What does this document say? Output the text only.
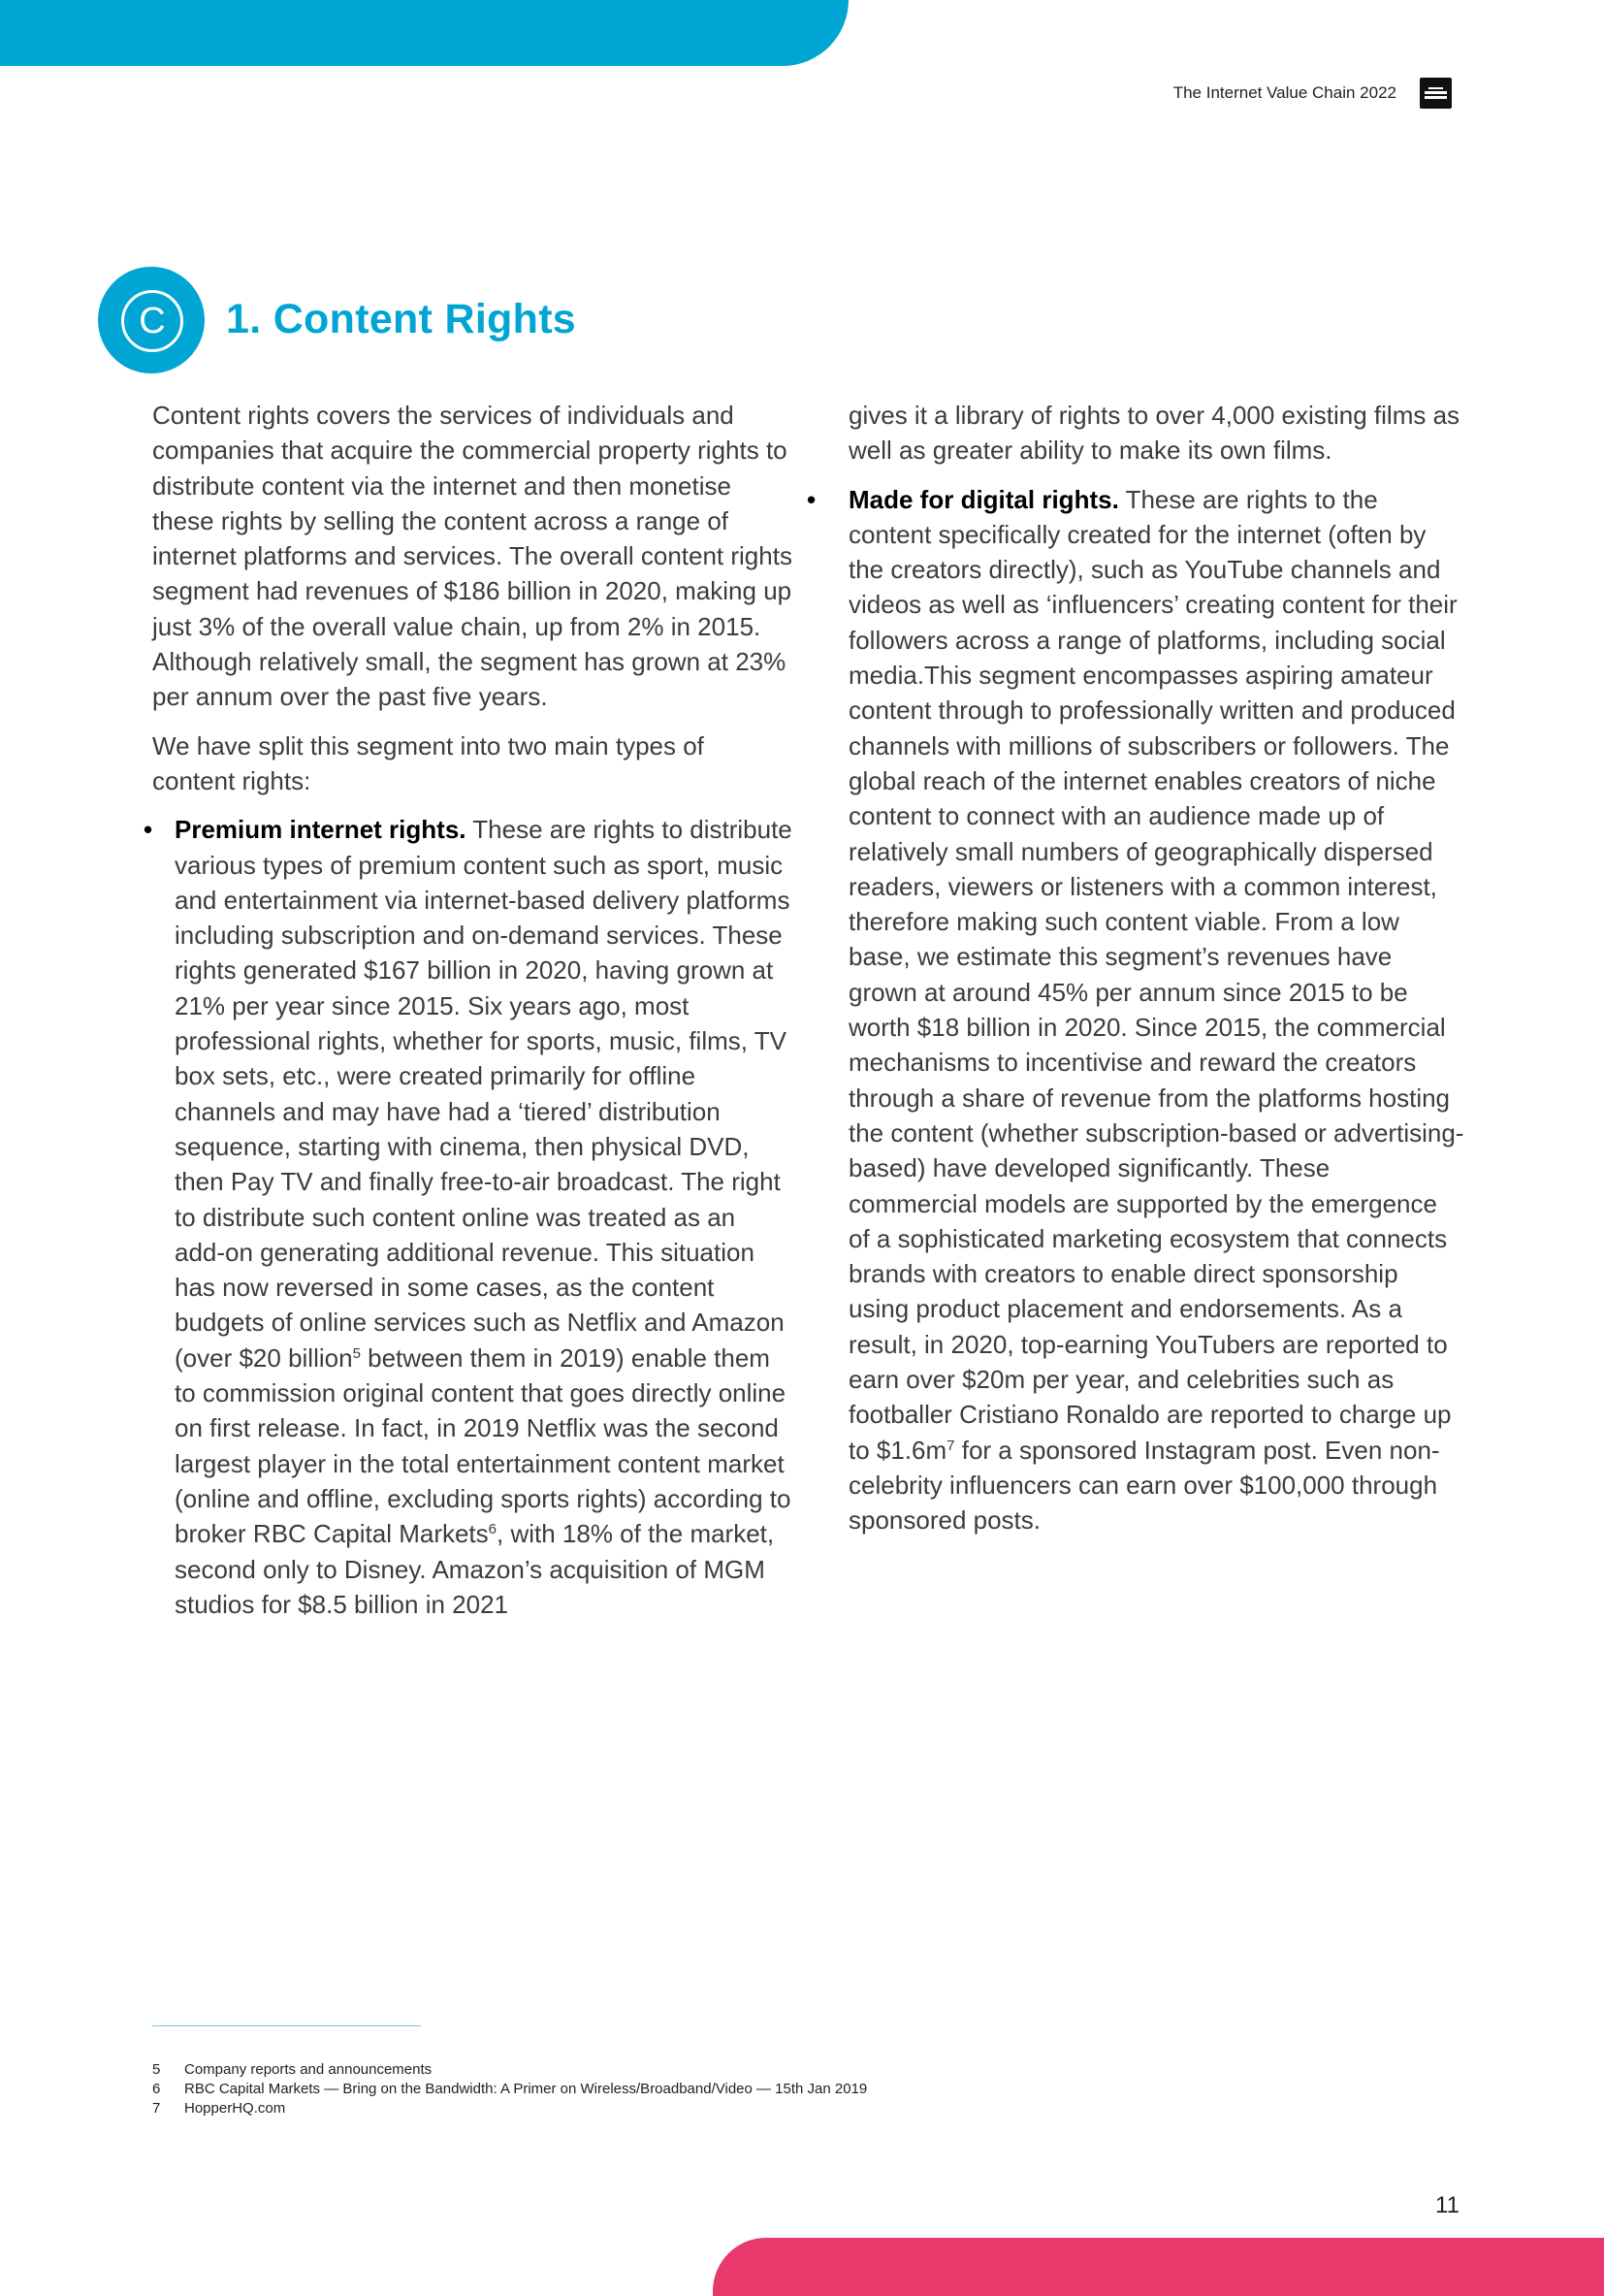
The Internet Value Chain 2022
C	1. Content Rights

Content rights covers the services of individuals and companies that acquire the commercial property rights to distribute content via the internet and then monetise these rights by selling the content across a range of internet platforms and services. The overall content rights segment had revenues of $186 billion in 2020, making up just 3% of the overall value chain, up from 2% in 2015. Although relatively small, the segment has grown at 23% per annum over the past five years.

We have split this segment into two main types of content rights:

• Premium internet rights. These are rights to distribute various types of premium content such as sport, music and entertainment via internet-based delivery platforms including subscription and on-demand services. These rights generated $167 billion in 2020, having grown at 21% per year since 2015. Six years ago, most professional rights, whether for sports, music, films, TV box sets, etc., were created primarily for offline channels and may have had a ‘tiered’ distribution sequence, starting with cinema, then physical DVD, then Pay TV and finally free-to-air broadcast. The right to distribute such content online was treated as an add-on generating additional revenue. This situation has now reversed in some cases, as the content budgets of online services such as Netflix and Amazon (over $20 billion$^5$ between them in 2019) enable them to commission original content that goes directly online on first release. In fact, in 2019 Netflix was the second largest player in the total entertainment content market (online and offline, excluding sports rights) according to broker RBC Capital Markets$^6$, with 18% of the market, second only to Disney. Amazon’s acquisition of MGM studios for $8.5 billion in 2021

gives it a library of rights to over 4,000 existing films as well as greater ability to make its own films.

• Made for digital rights. These are rights to the content specifically created for the internet (often by the creators directly), such as YouTube channels and videos as well as ‘influencers’ creating content for their followers across a range of platforms, including social media.This segment encompasses aspiring amateur content through to professionally written and produced channels with millions of subscribers or followers. The global reach of the internet enables creators of niche content to connect with an audience made up of relatively small numbers of geographically dispersed readers, viewers or listeners with a common interest, therefore making such content viable. From a low base, we estimate this segment’s revenues have grown at around 45% per annum since 2015 to be worth $18 billion in 2020. Since 2015, the commercial mechanisms to incentivise and reward the creators through a share of revenue from the platforms hosting the content (whether subscription-based or advertising-based) have developed significantly. These commercial models are supported by the emergence of a sophisticated marketing ecosystem that connects brands with creators to enable direct sponsorship using product placement and endorsements. As a result, in 2020, top-earning YouTubers are reported to earn over $20m per year, and celebrities such as footballer Cristiano Ronaldo are reported to charge up to $\$1.6m^7$ for a sponsored Instagram post. Even non-celebrity influencers can earn over $100,000 through sponsored posts.
5	Company reports and announcements
6	RBC Capital Markets — Bring on the Bandwidth: A Primer on Wireless/Broadband/Video — 15th Jan 2019
7	HopperHQ.com
11
